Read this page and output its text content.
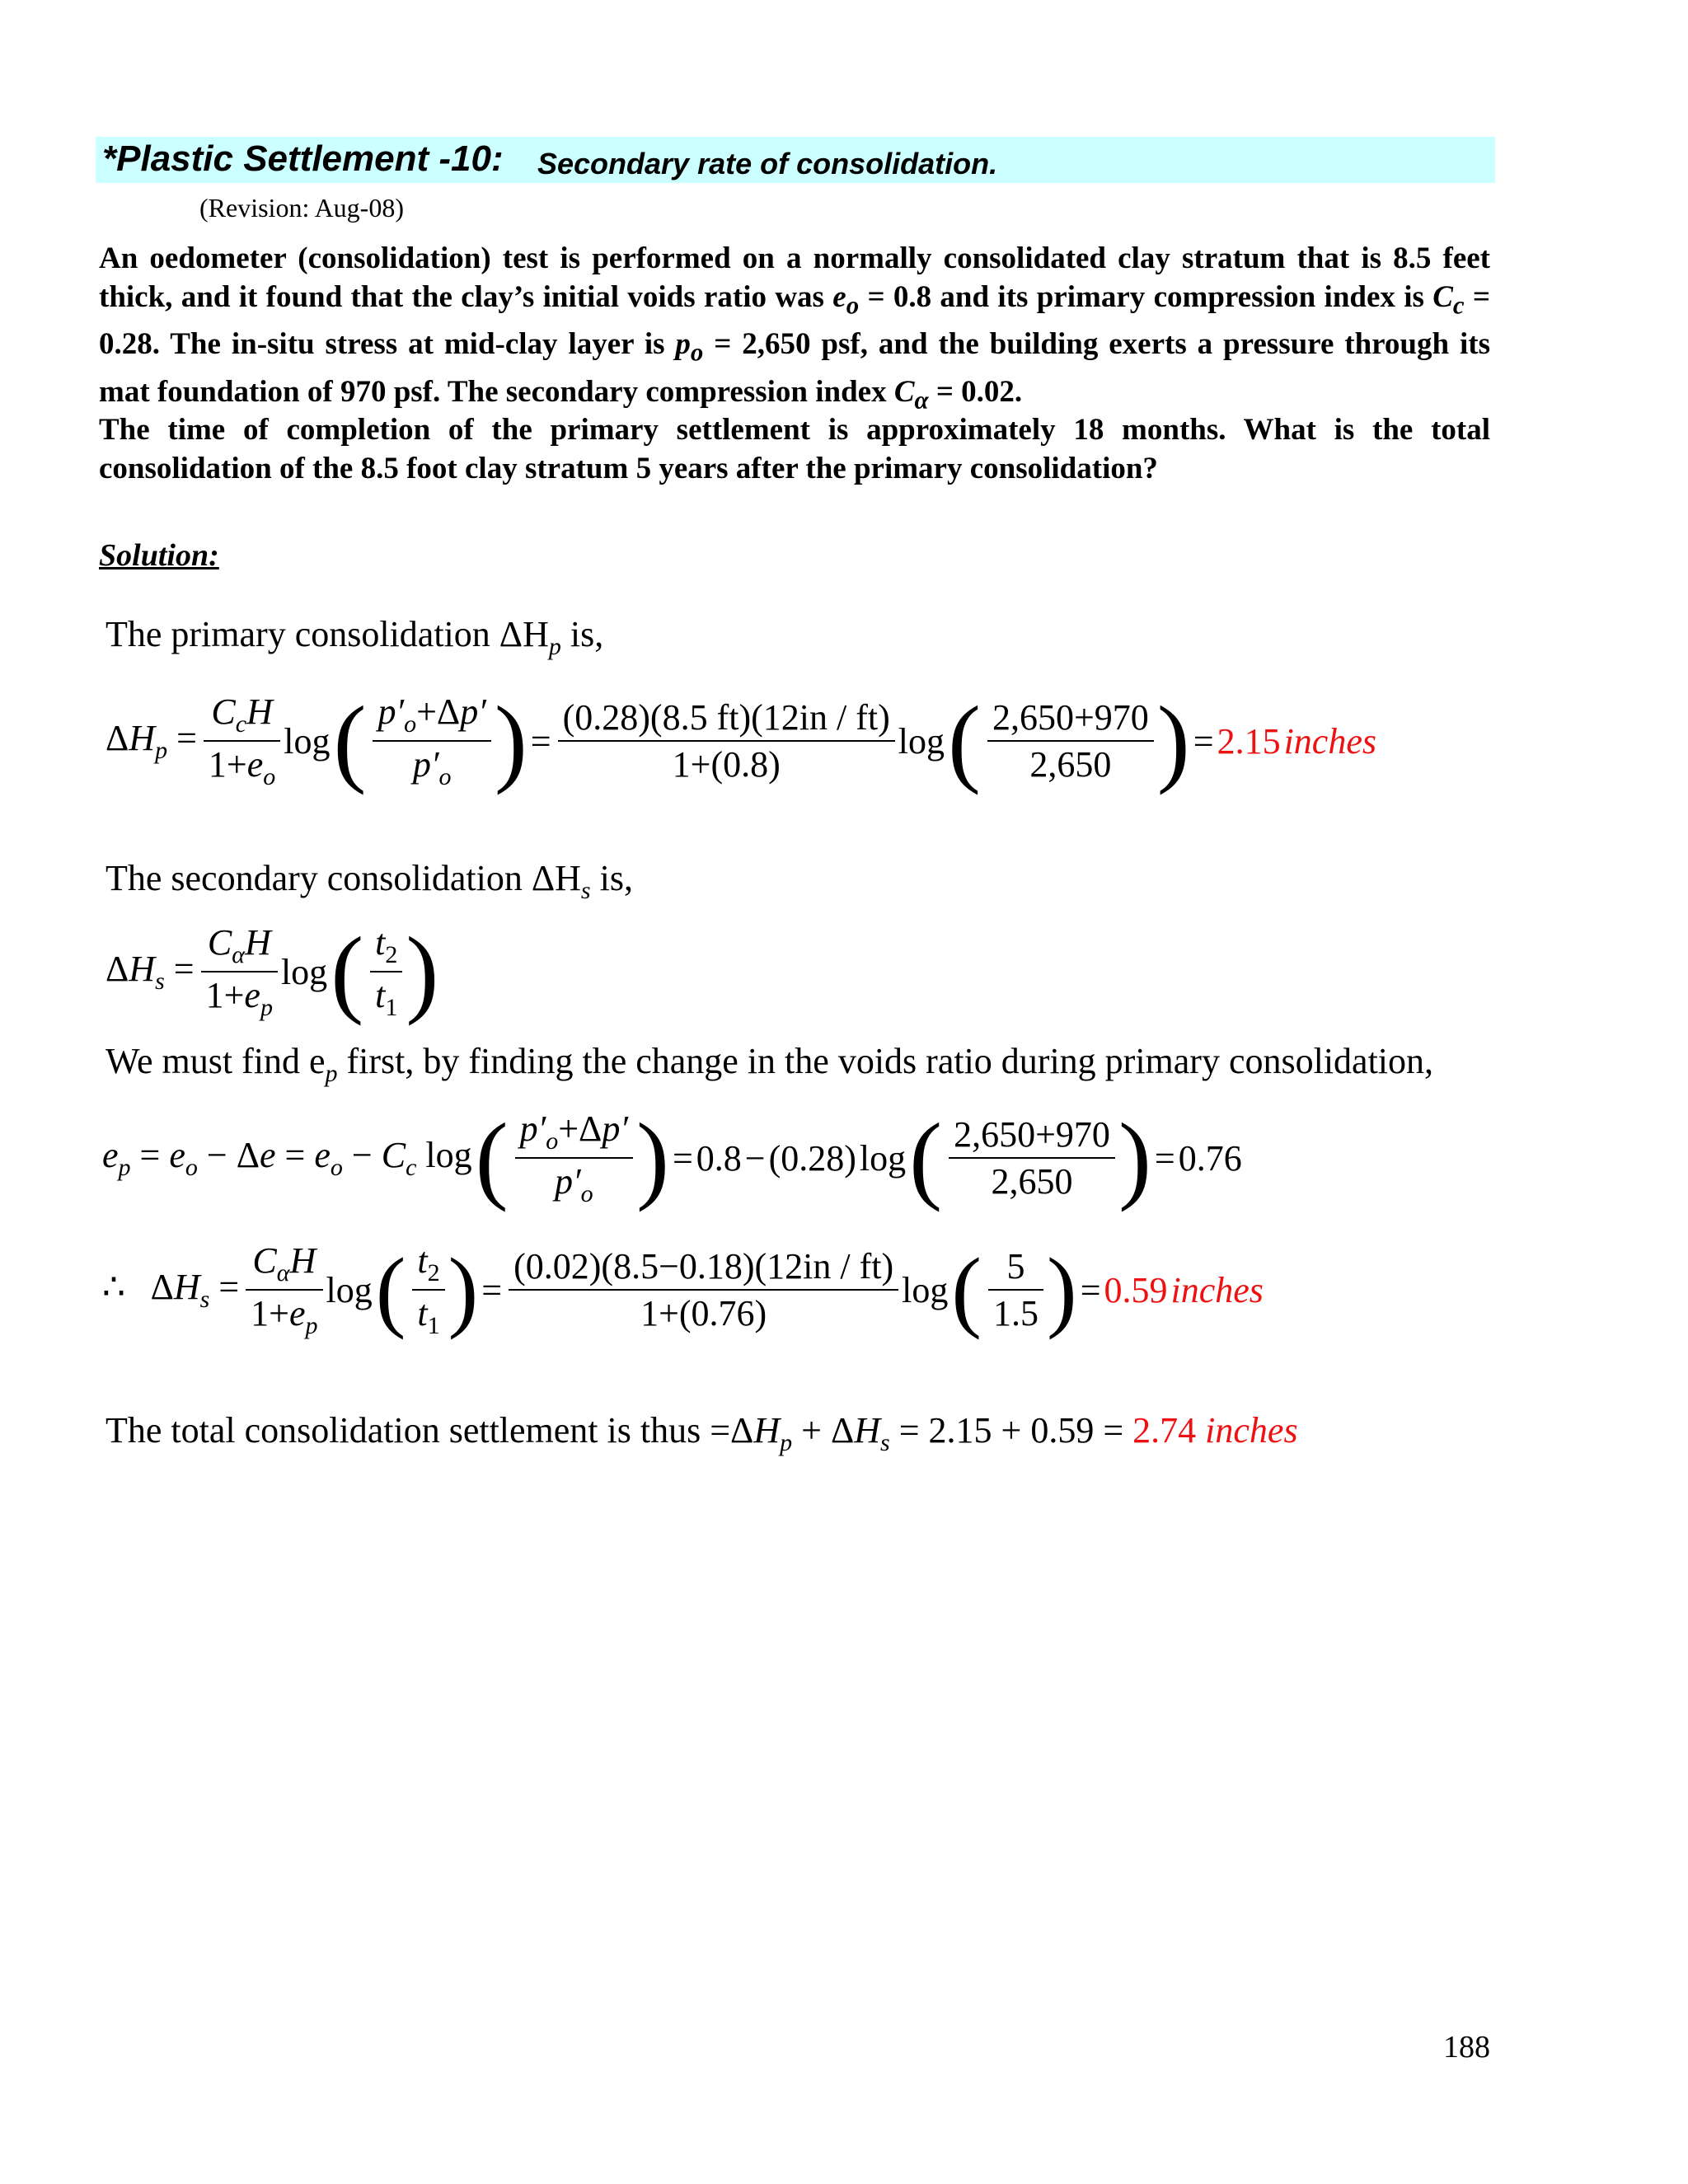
*Plastic Settlement -10: Secondary rate of consolidation.
(Revision: Aug-08)
An oedometer (consolidation) test is performed on a normally consolidated clay stratum that is 8.5 feet thick, and it found that the clay’s initial voids ratio was $e_o = 0.8$ and its primary compression index is $C_c = 0.28$. The in-situ stress at mid-clay layer is $p_o = 2,650$ psf, and the building exerts a pressure through its mat foundation of 970 psf. The secondary compression index $C_\alpha = 0.02$.
The time of completion of the primary settlement is approximately 18 months. What is the total consolidation of the 8.5 foot clay stratum 5 years after the primary consolidation?
Solution:
The primary consolidation $\Delta H_p$ is,
$\Delta H_p = \frac{C_cH}{1+e_o}$ log ( $\frac{p'_o+\Delta p'}{p'_o}$ ) = $\frac{(0.28)(8.5 ft)(12in / ft)}{1+(0.8)}$ log ( $\frac{2,650+970}{2,650}$ ) = 2.15 inches
The secondary consolidation $\Delta H_s$ is,
$\Delta H_s = \frac{C_\alpha H}{1+e_p}$ log ( $\frac{t_2}{t_1}$ )
We must find $e_p$ first, by finding the change in the voids ratio during primary consolidation,
$e_p = e_o - \Delta e = e_o - C_c$ log ( $\frac{p'_o+\Delta p'}{p'_o}$ ) = 0.8 − (0.28) log ( $\frac{2,650+970}{2,650}$ ) = 0.76
∴   $\Delta H_s = \frac{C_\alpha H}{1+e_p}$ log ( $\frac{t_2}{t_1}$ ) = $\frac{(0.02)(8.5-0.18)(12in / ft)}{1+(0.76)}$ log ( $\frac{5}{1.5}$ ) = 0.59 inches
The total consolidation settlement is thus $=\Delta H_p + \Delta H_s = 2.15 + 0.59 = 2.74$ inches
188
